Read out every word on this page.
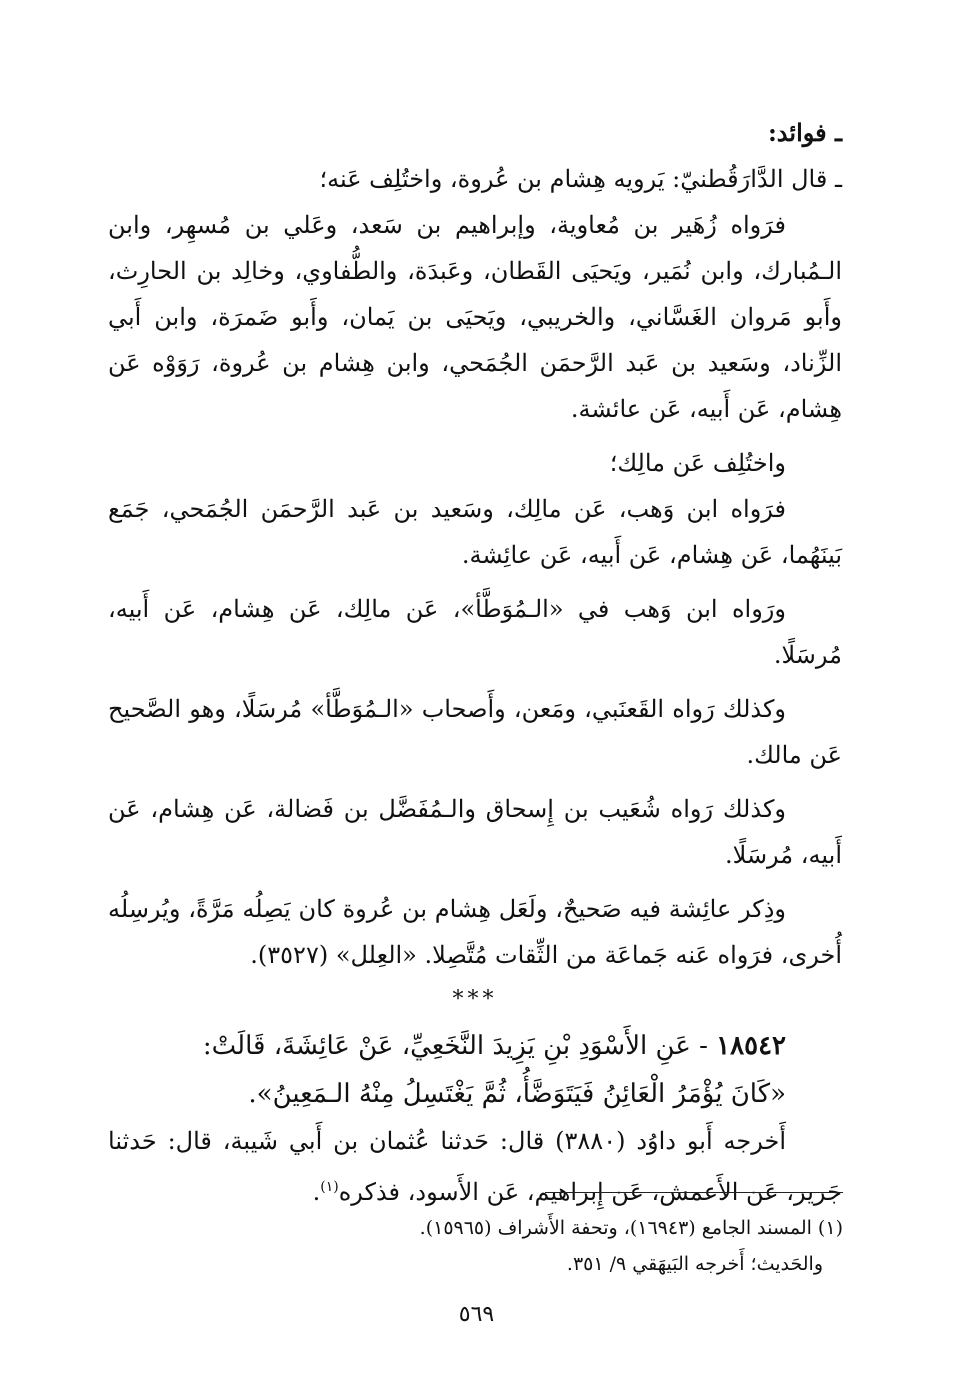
ـ فوائد:

ـ قال الدَّارَقُطنيّ: يَرويه هِشام بن عُروة، واختُلِف عَنه؛

فرَواه زُهَير بن مُعاوية، وإبراهيم بن سَعد، وعَلي بن مُسهِر، وابن الـمُبارك، وابن نُمَير، ويَحيَى القَطان، وعَبدَة، والطُّفاوي، وخالِد بن الحارِث، وأَبو مَروان الغَسَّاني، والخريبي، ويَحيَى بن يَمان، وأَبو ضَمرَة، وابن أَبي الزِّناد، وسَعيد بن عَبد الرَّحمَن الجُمَحي، وابن هِشام بن عُروة، رَوَوْه عَن هِشام، عَن أَبيه، عَن عائشة.

واختُلِف عَن مالِك؛

فرَواه ابن وَهب، عَن مالِك، وسَعيد بن عَبد الرَّحمَن الجُمَحي، جَمَع بَينَهُما، عَن هِشام، عَن أَبيه، عَن عائِشة.

ورَواه ابن وَهب في «الـمُوَطَّأ»، عَن مالِك، عَن هِشام، عَن أَبيه، مُرسَلًا.

وكذلك رَواه القَعنَبي، ومَعن، وأَصحاب «الـمُوَطَّأ» مُرسَلًا، وهو الصَّحيح عَن مالك.

وكذلك رَواه شُعَيب بن إِسحاق والـمُفَضَّل بن فَضالة، عَن هِشام، عَن أَبيه، مُرسَلًا.

وذِكر عائِشة فيه صَحيحٌ، ولَعَل هِشام بن عُروة كان يَصِلُه مَرَّةً، ويُرسِلُه أُخرى، فرَواه عَنه جَماعَة من الثِّقات مُتَّصِلا. «العِلل» (٣٥٢٧).

***

١٨٥٤٢ - عَنِ الأَسْوَدِ بْنِ يَزِيدَ النَّخَعِيِّ، عَنْ عَائِشَةَ، قَالَتْ:

«كَانَ يُؤْمَرُ الْعَائِنُ فَيَتَوَضَّأُ، ثُمَّ يَغْتَسِلُ مِنْهُ الـمَعِينُ».

أَخرجه أَبو داوُد (٣٨٨٠) قال: حَدثنا عُثمان بن أَبي شَيبة، قال: حَدثنا جَرير، عَن الأَعمش، عَن إِبراهيم، عَن الأَسود، فذكره$^{(١)}$.

(١) المسند الجامع (١٦٩٤٣)، وتحفة الأَشراف (١٥٩٦٥).

والحَديث؛ أَخرجه البَيهَقي ٩/ ٣٥١.

٥٦٩
